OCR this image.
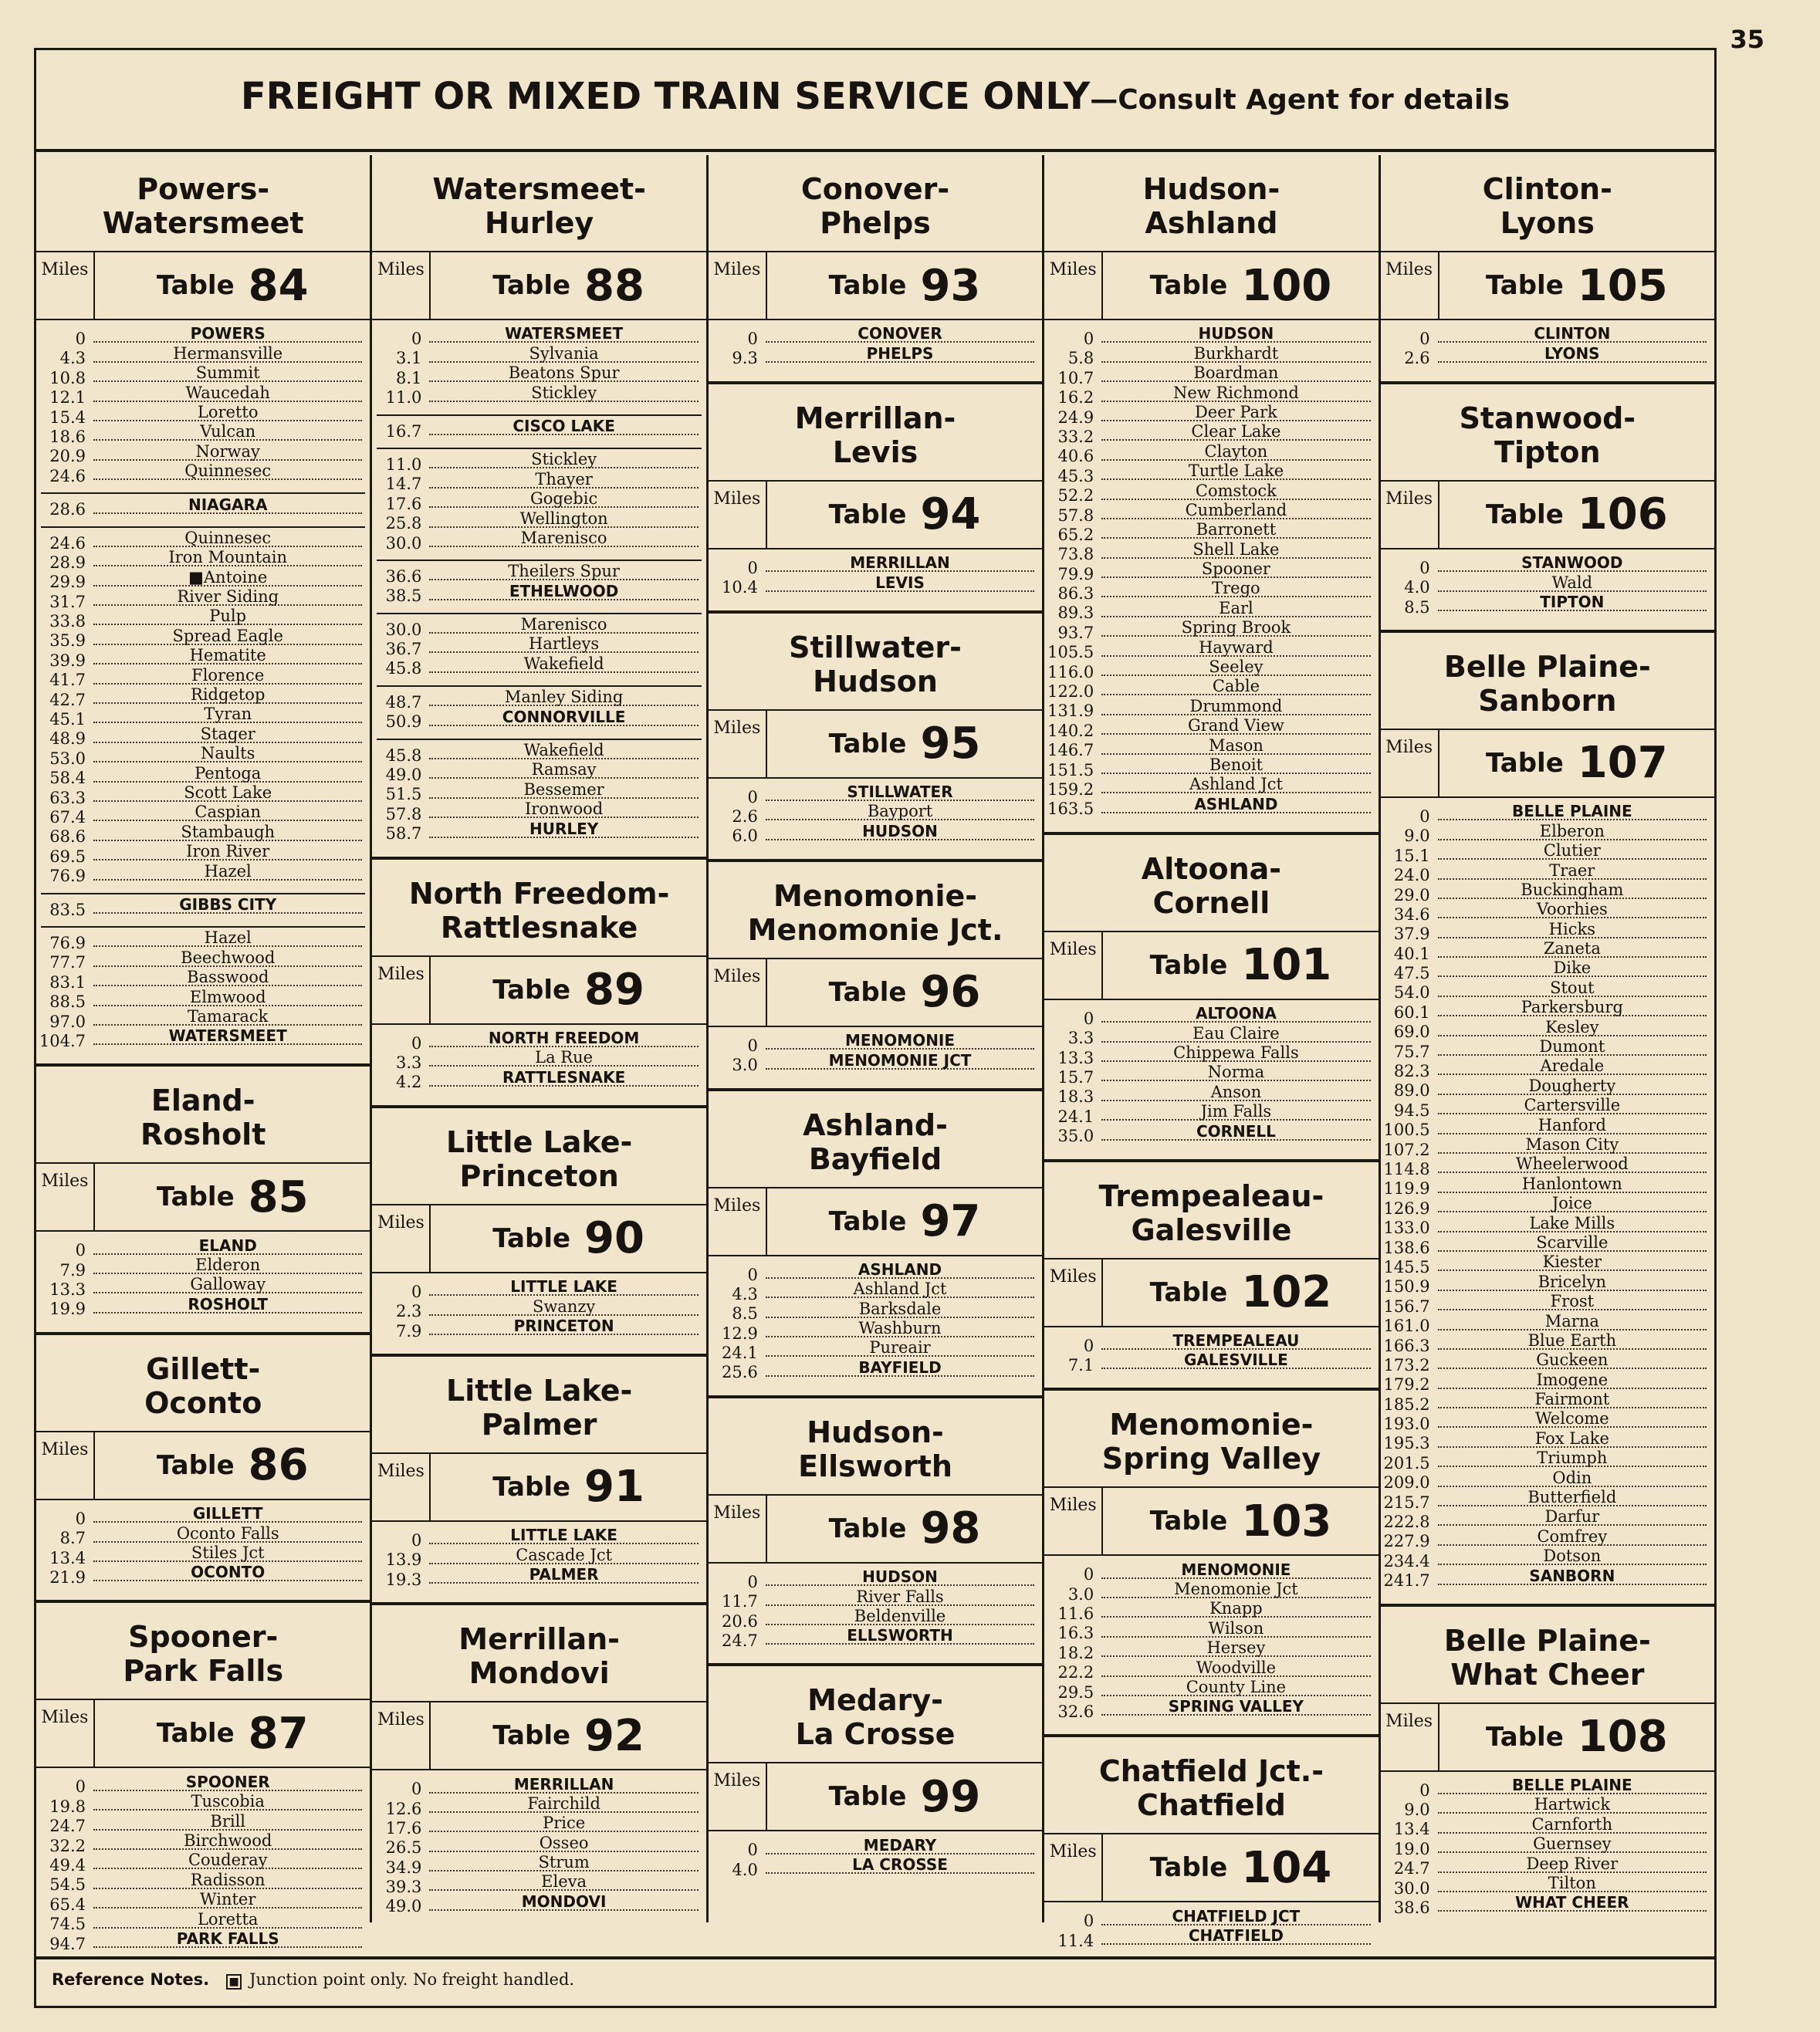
35
FREIGHT OR MIXED TRAIN SERVICE ONLY—Consult Agent for details
Powers-
Watersmeet
Miles
Table 84
0	POWERS
4.3	Hermansville
10.8	Summit
12.1	Waucedah
15.4	Loretto
18.6	Vulcan
20.9	Norway
24.6	Quinnesec
28.6	NIAGARA
24.6	Quinnesec
28.9	Iron Mountain
29.9	■Antoine
31.7	River Siding
33.8	Pulp
35.9	Spread Eagle
39.9	Hematite
41.7	Florence
42.7	Ridgetop
45.1	Tyran
48.9	Stager
53.0	Naults
58.4	Pentoga
63.3	Scott Lake
67.4	Caspian
68.6	Stambaugh
69.5	Iron River
76.9	Hazel
83.5	GIBBS CITY
76.9	Hazel
77.7	Beechwood
83.1	Basswood
88.5	Elmwood
97.0	Tamarack
104.7	WATERSMEET
Eland-
Rosholt
Miles
Table 85
0	ELAND
7.9	Elderon
13.3	Galloway
19.9	ROSHOLT
Gillett-
Oconto
Miles
Table 86
0	GILLETT
8.7	Oconto Falls
13.4	Stiles Jct
21.9	OCONTO
Spooner-
Park Falls
Miles
Table 87
0	SPOONER
19.8	Tuscobia
24.7	Brill
32.2	Birchwood
49.4	Couderay
54.5	Radisson
65.4	Winter
74.5	Loretta
94.7	PARK FALLS
Watersmeet-
Hurley
Miles
Table 88
0	WATERSMEET
3.1	Sylvania
8.1	Beatons Spur
11.0	Stickley
16.7	CISCO LAKE
11.0	Stickley
14.7	Thayer
17.6	Gogebic
25.8	Wellington
30.0	Marenisco
36.6	Theilers Spur
38.5	ETHELWOOD
30.0	Marenisco
36.7	Hartleys
45.8	Wakefield
48.7	Manley Siding
50.9	CONNORVILLE
45.8	Wakefield
49.0	Ramsay
51.5	Bessemer
57.8	Ironwood
58.7	HURLEY
North Freedom-
Rattlesnake
Miles
Table 89
0	NORTH FREEDOM
3.3	La Rue
4.2	RATTLESNAKE
Little Lake-
Princeton
Miles
Table 90
0	LITTLE LAKE
2.3	Swanzy
7.9	PRINCETON
Little Lake-
Palmer
Miles
Table 91
0	LITTLE LAKE
13.9	Cascade Jct
19.3	PALMER
Merrillan-
Mondovi
Miles
Table 92
0	MERRILLAN
12.6	Fairchild
17.6	Price
26.5	Osseo
34.9	Strum
39.3	Eleva
49.0	MONDOVI
Conover-
Phelps
Miles
Table 93
0	CONOVER
9.3	PHELPS
Merrillan-
Levis
Miles
Table 94
0	MERRILLAN
10.4	LEVIS
Stillwater-
Hudson
Miles
Table 95
0	STILLWATER
2.6	Bayport
6.0	HUDSON
Menomonie-
Menomonie Jct.
Miles
Table 96
0	MENOMONIE
3.0	MENOMONIE JCT
Ashland-
Bayfield
Miles
Table 97
0	ASHLAND
4.3	Ashland Jct
8.5	Barksdale
12.9	Washburn
24.1	Pureair
25.6	BAYFIELD
Hudson-
Ellsworth
Miles
Table 98
0	HUDSON
11.7	River Falls
20.6	Beldenville
24.7	ELLSWORTH
Medary-
La Crosse
Miles
Table 99
0	MEDARY
4.0	LA CROSSE
Hudson-
Ashland
Miles
Table 100
0	HUDSON
5.8	Burkhardt
10.7	Boardman
16.2	New Richmond
24.9	Deer Park
33.2	Clear Lake
40.6	Clayton
45.3	Turtle Lake
52.2	Comstock
57.8	Cumberland
65.2	Barronett
73.8	Shell Lake
79.9	Spooner
86.3	Trego
89.3	Earl
93.7	Spring Brook
105.5	Hayward
116.0	Seeley
122.0	Cable
131.9	Drummond
140.2	Grand View
146.7	Mason
151.5	Benoit
159.2	Ashland Jct
163.5	ASHLAND
Altoona-
Cornell
Miles
Table 101
0	ALTOONA
3.3	Eau Claire
13.3	Chippewa Falls
15.7	Norma
18.3	Anson
24.1	Jim Falls
35.0	CORNELL
Trempealeau-
Galesville
Miles
Table 102
0	TREMPEALEAU
7.1	GALESVILLE
Menomonie-
Spring Valley
Miles
Table 103
0	MENOMONIE
3.0	Menomonie Jct
11.6	Knapp
16.3	Wilson
18.2	Hersey
22.2	Woodville
29.5	County Line
32.6	SPRING VALLEY
Chatfield Jct.-
Chatfield
Miles
Table 104
0	CHATFIELD JCT
11.4	CHATFIELD
Clinton-
Lyons
Miles
Table 105
0	CLINTON
2.6	LYONS
Stanwood-
Tipton
Miles
Table 106
0	STANWOOD
4.0	Wald
8.5	TIPTON
Belle Plaine-
Sanborn
Miles
Table 107
0	BELLE PLAINE
9.0	Elberon
15.1	Clutier
24.0	Traer
29.0	Buckingham
34.6	Voorhies
37.9	Hicks
40.1	Zaneta
47.5	Dike
54.0	Stout
60.1	Parkersburg
69.0	Kesley
75.7	Dumont
82.3	Aredale
89.0	Dougherty
94.5	Cartersville
100.5	Hanford
107.2	Mason City
114.8	Wheelerwood
119.9	Hanlontown
126.9	Joice
133.0	Lake Mills
138.6	Scarville
145.5	Kiester
150.9	Bricelyn
156.7	Frost
161.0	Marna
166.3	Blue Earth
173.2	Guckeen
179.2	Imogene
185.2	Fairmont
193.0	Welcome
195.3	Fox Lake
201.5	Triumph
209.0	Odin
215.7	Butterfield
222.8	Darfur
227.9	Comfrey
234.4	Dotson
241.7	SANBORN
Belle Plaine-
What Cheer
Miles
Table 108
0	BELLE PLAINE
9.0	Hartwick
13.4	Carnforth
19.0	Guernsey
24.7	Deep River
30.0	Tilton
38.6	WHAT CHEER
Reference Notes. ■ Junction point only. No freight handled.
